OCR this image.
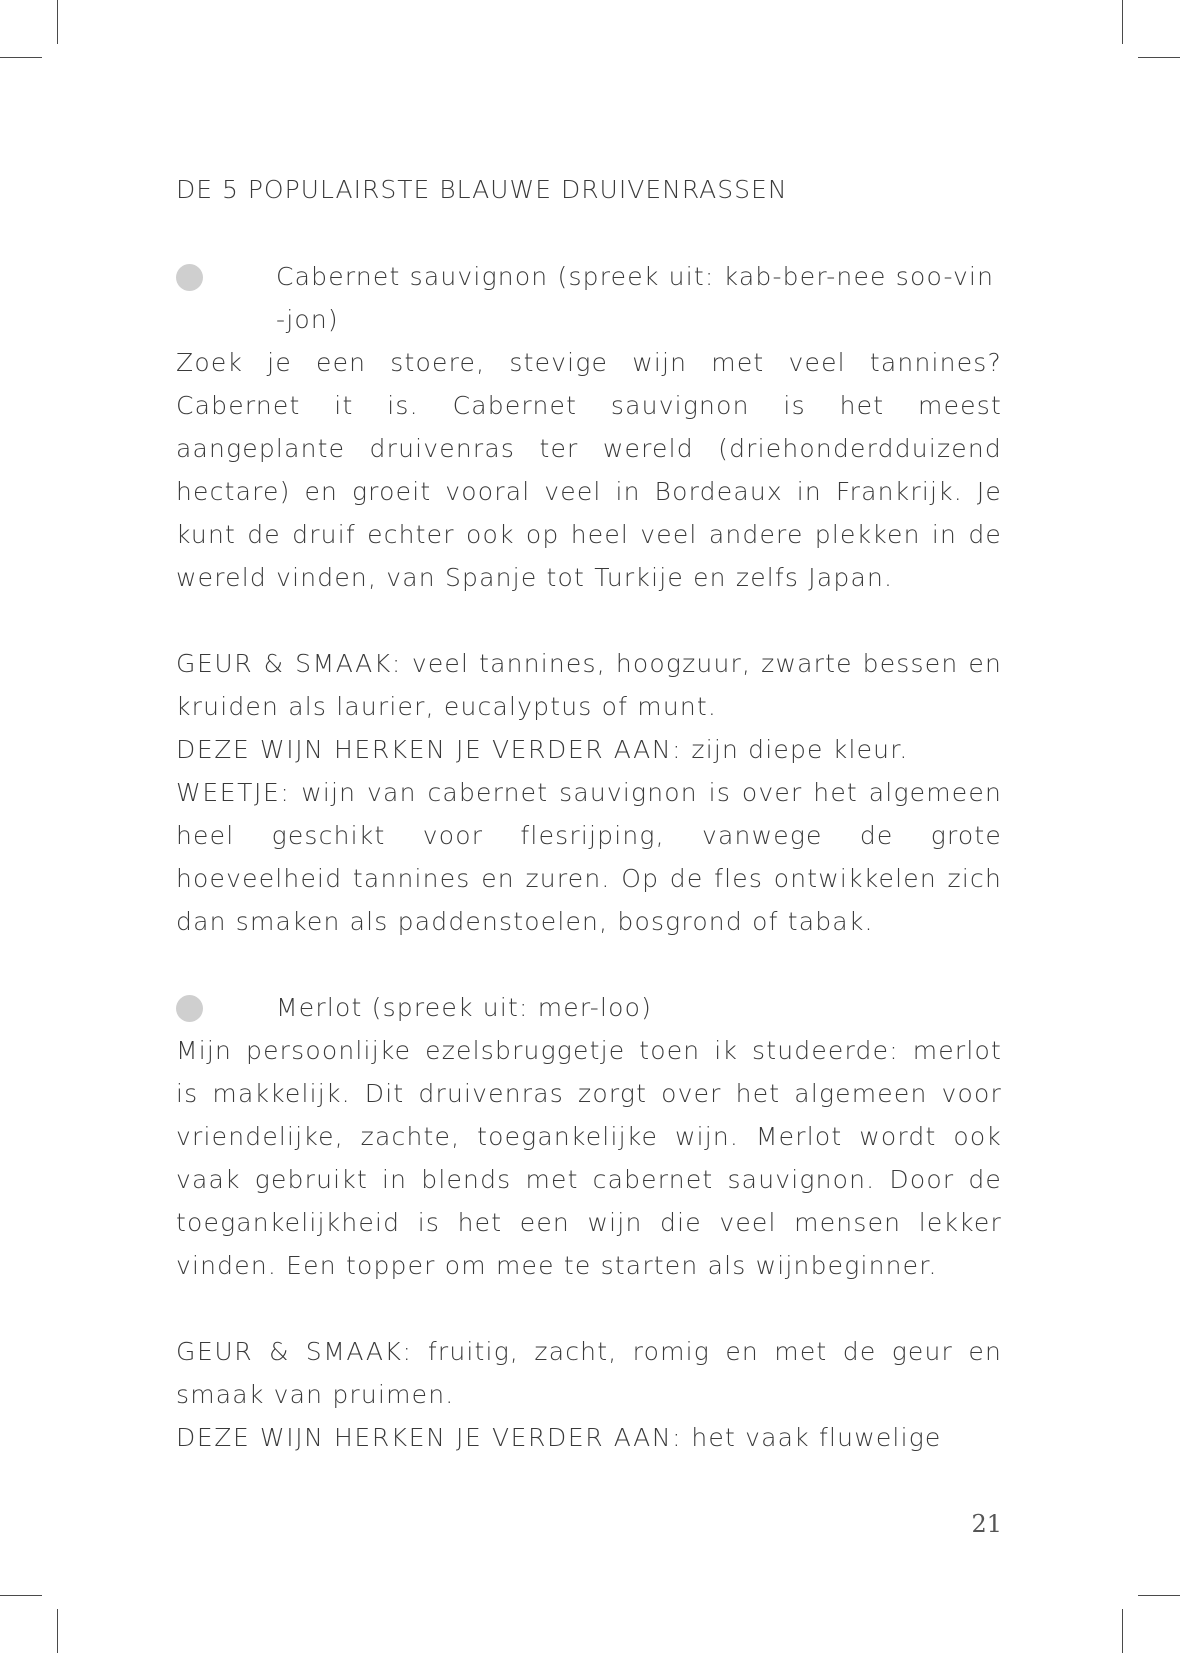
DE 5 POPULAIRSTE BLAUWE DRUIVENRASSEN
Cabernet sauvignon (spreek uit: kab-ber-nee soo-vin -jon)

Zoek je een stoere, stevige wijn met veel tannines? Cabernet it is. Cabernet sauvignon is het meest aangeplante druivenras ter wereld (driehonderdduizend hectare) en groeit vooral veel in Bordeaux in Frankrijk. Je kunt de druif echter ook op heel veel andere plekken in de wereld vinden, van Spanje tot Turkije en zelfs Japan.

GEUR & SMAAK: veel tannines, hoogzuur, zwarte bessen en kruiden als laurier, eucalyptus of munt.

DEZE WIJN HERKEN JE VERDER AAN: zijn diepe kleur.

WEETJE: wijn van cabernet sauvignon is over het algemeen heel geschikt voor flesrijping, vanwege de grote hoeveelheid tannines en zuren. Op de fles ontwikkelen zich dan smaken als paddenstoelen, bosgrond of tabak.

Merlot (spreek uit: mer-loo)

Mijn persoonlijke ezelsbruggetje toen ik studeerde: merlot is makkelijk. Dit druivenras zorgt over het algemeen voor vriendelijke, zachte, toegankelijke wijn. Merlot wordt ook vaak gebruikt in blends met cabernet sauvignon. Door de toegankelijkheid is het een wijn die veel mensen lekker vinden. Een topper om mee te starten als wijnbeginner.

GEUR & SMAAK: fruitig, zacht, romig en met de geur en smaak van pruimen.

DEZE WIJN HERKEN JE VERDER AAN: het vaak fluwelige

21
